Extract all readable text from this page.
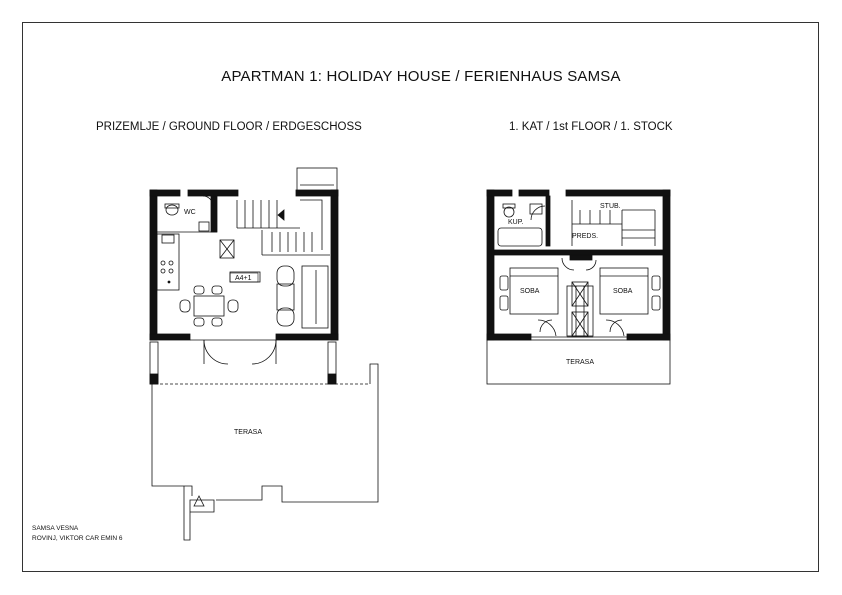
APARTMAN 1: HOLIDAY HOUSE / FERIENHAUS SAMSA
PRIZEMLJE / GROUND FLOOR / ERDGESCHOSS	1. KAT / 1st FLOOR / 1. STOCK
WC
A4+1
TERASA
STUB.
KUP.
PREDS.
SOBA	SOBA
TERASA
SAMSA VESNA
ROVINJ, VIKTOR CAR EMIN 6
